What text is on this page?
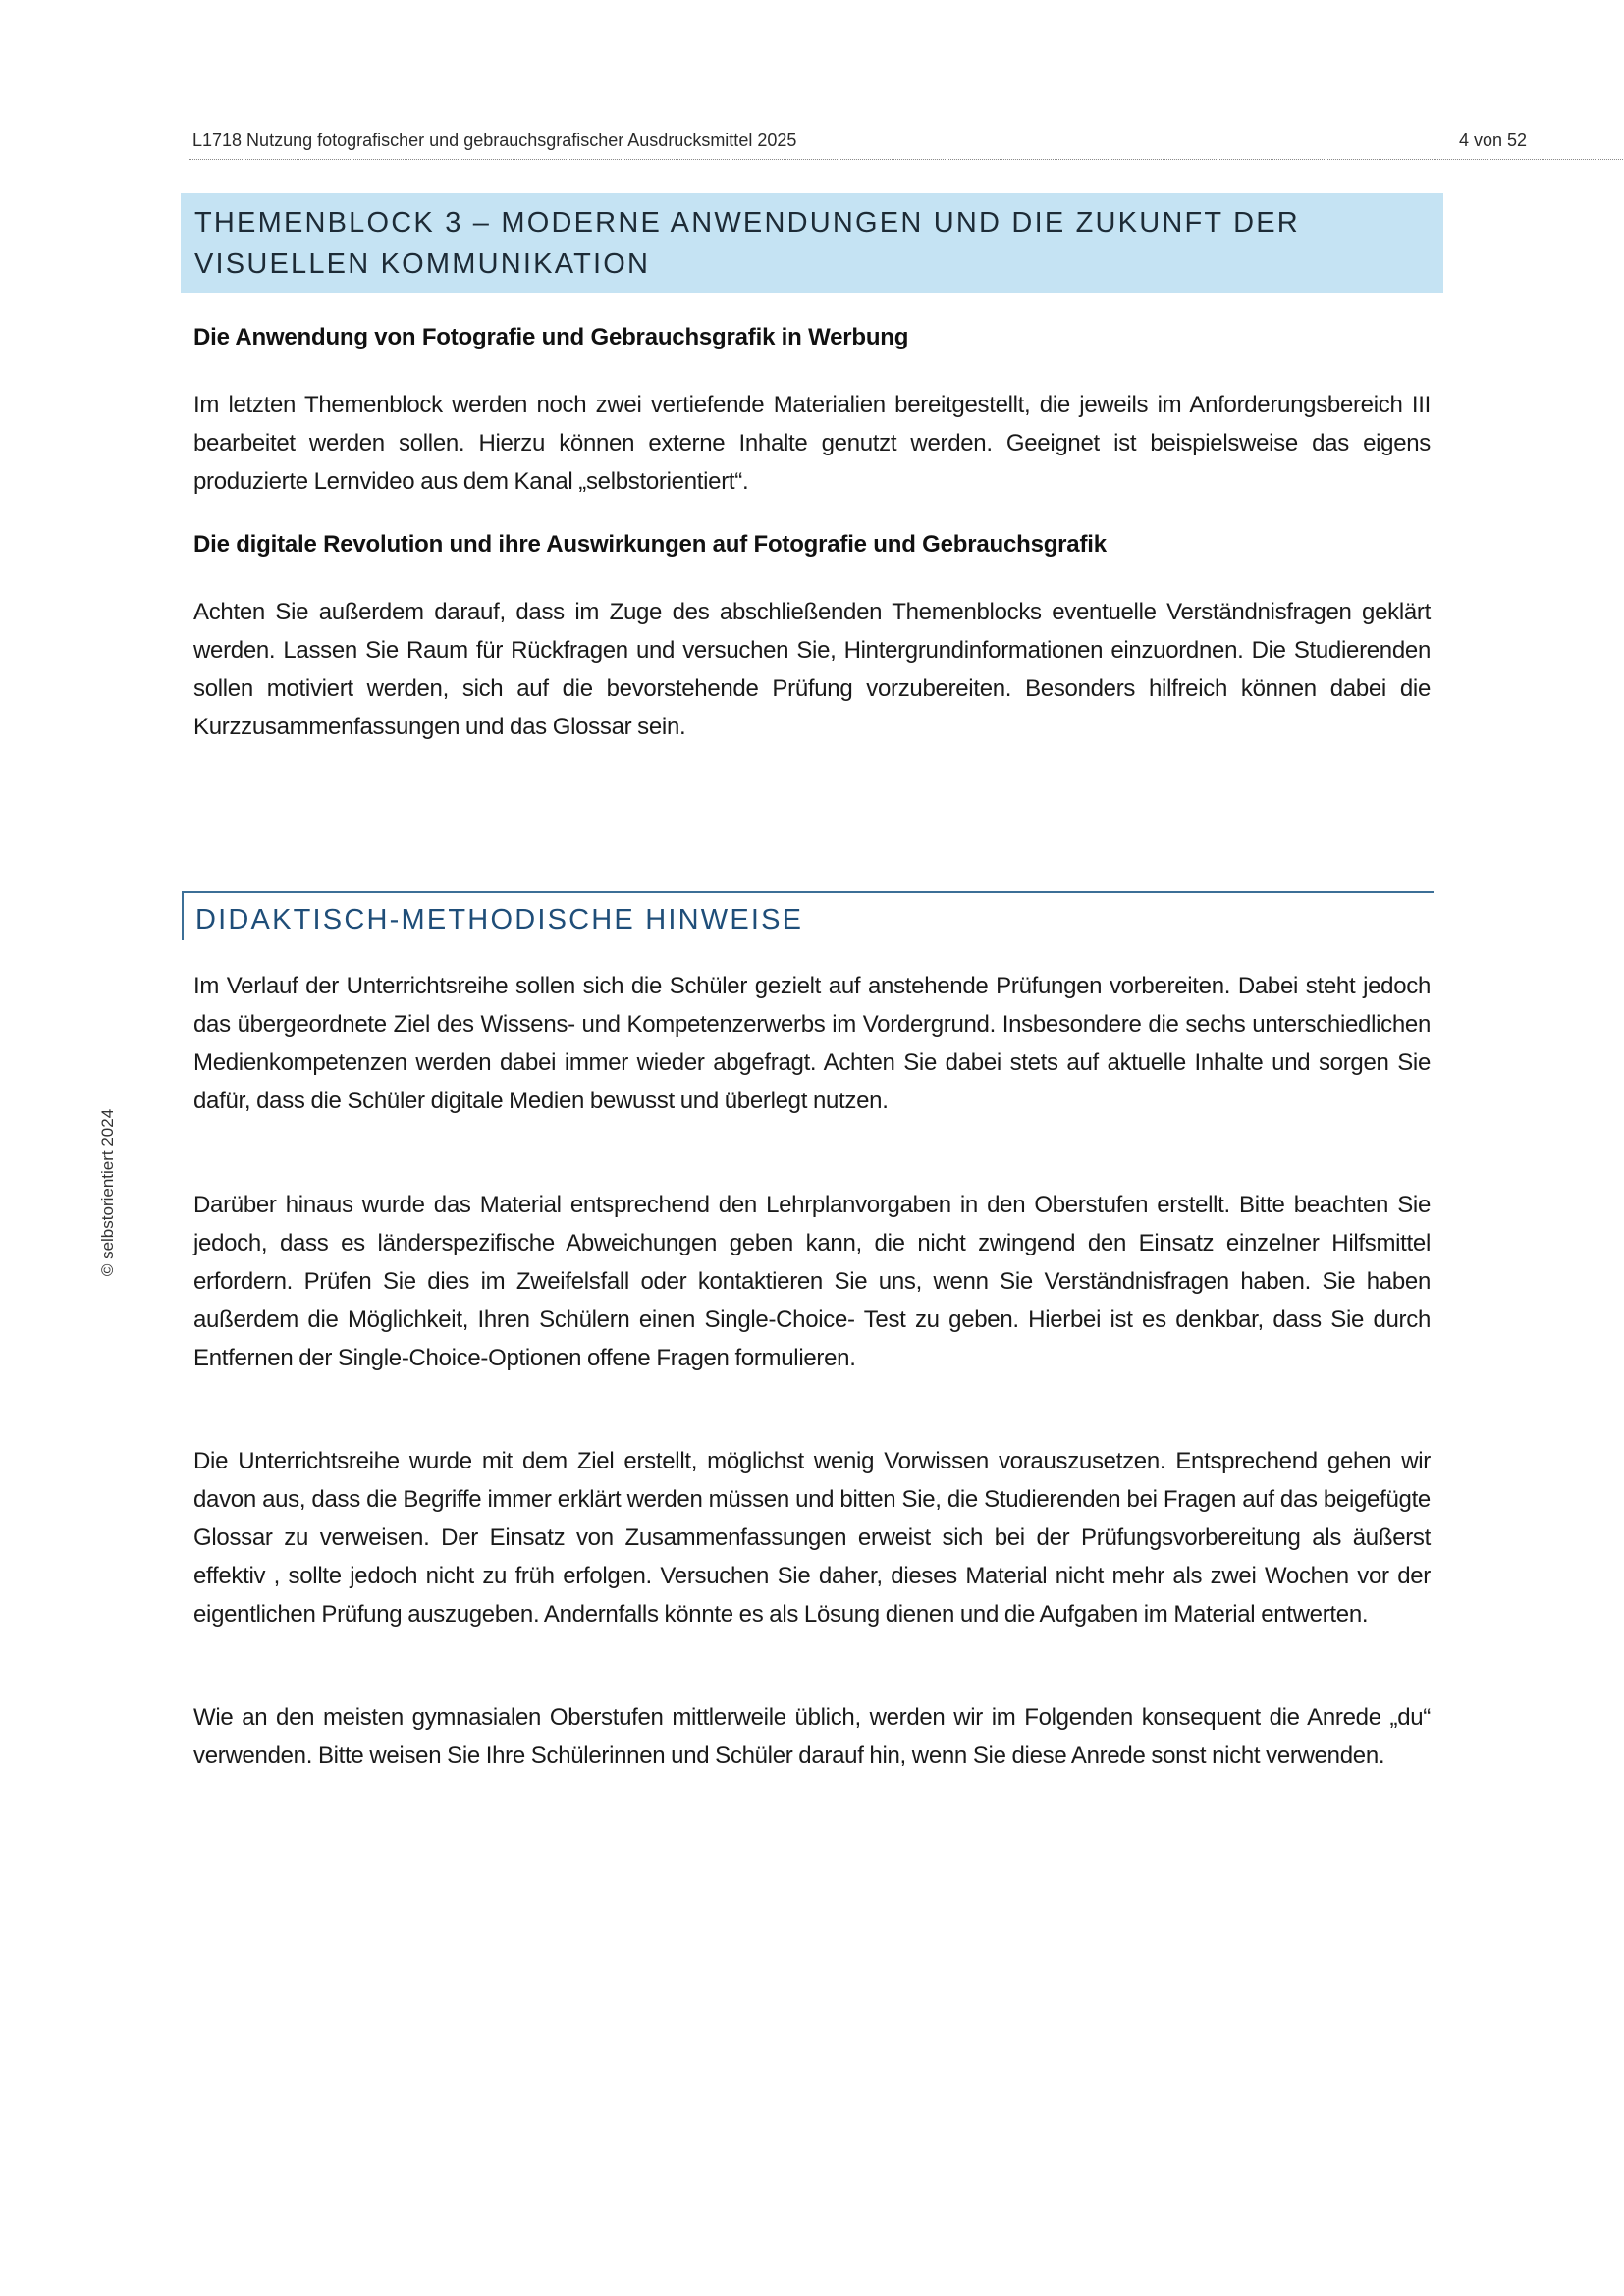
L1718 Nutzung fotografischer und gebrauchsgrafischer Ausdrucksmittel 2025	4 von 52
© selbstorientiert 2024
THEMENBLOCK 3 – MODERNE ANWENDUNGEN UND DIE ZUKUNFT DER VISUELLEN KOMMUNIKATION
Die Anwendung von Fotografie und Gebrauchsgrafik in Werbung

Im letzten Themenblock werden noch zwei vertiefende Materialien bereitgestellt, die jeweils im Anforderungsbereich III bearbeitet werden sollen. Hierzu können externe Inhalte genutzt werden. Geeignet ist beispielsweise das eigens produzierte Lernvideo aus dem Kanal „selbstorientiert“.

Die digitale Revolution und ihre Auswirkungen auf Fotografie und Gebrauchsgrafik

Achten Sie außerdem darauf, dass im Zuge des abschließenden Themenblocks eventuelle Verständnisfragen geklärt werden. Lassen Sie Raum für Rückfragen und versuchen Sie, Hintergrundinformationen einzuordnen. Die Studierenden sollen motiviert werden, sich auf die bevorstehende Prüfung vorzubereiten. Besonders hilfreich können dabei die Kurzzusammenfassungen und das Glossar sein.

DIDAKTISCH-METHODISCHE HINWEISE

Im Verlauf der Unterrichtsreihe sollen sich die Schüler gezielt auf anstehende Prüfungen vorbereiten. Dabei steht jedoch das übergeordnete Ziel des Wissens- und Kompetenzerwerbs im Vordergrund. Insbesondere die sechs unterschiedlichen Medienkompetenzen werden dabei immer wieder abgefragt. Achten Sie dabei stets auf aktuelle Inhalte und sorgen Sie dafür, dass die Schüler digitale Medien bewusst und überlegt nutzen.

Darüber hinaus wurde das Material entsprechend den Lehrplanvorgaben in den Oberstufen erstellt. Bitte beachten Sie jedoch, dass es länderspezifische Abweichungen geben kann, die nicht zwingend den Einsatz einzelner Hilfsmittel erfordern. Prüfen Sie dies im Zweifelsfall oder kontaktieren Sie uns, wenn Sie Verständnisfragen haben. Sie haben außerdem die Möglichkeit, Ihren Schülern einen Single-Choice- Test zu geben. Hierbei ist es denkbar, dass Sie durch Entfernen der Single-Choice-Optionen offene Fragen formulieren.

Die Unterrichtsreihe wurde mit dem Ziel erstellt, möglichst wenig Vorwissen vorauszusetzen. Entsprechend gehen wir davon aus, dass die Begriffe immer erklärt werden müssen und bitten Sie, die Studierenden bei Fragen auf das beigefügte Glossar zu verweisen. Der Einsatz von Zusammenfassungen erweist sich bei der Prüfungsvorbereitung als äußerst effektiv , sollte jedoch nicht zu früh erfolgen. Versuchen Sie daher, dieses Material nicht mehr als zwei Wochen vor der eigentlichen Prüfung auszugeben. Andernfalls könnte es als Lösung dienen und die Aufgaben im Material entwerten.

Wie an den meisten gymnasialen Oberstufen mittlerweile üblich, werden wir im Folgenden konsequent die Anrede „du“ verwenden. Bitte weisen Sie Ihre Schülerinnen und Schüler darauf hin, wenn Sie diese Anrede sonst nicht verwenden.
